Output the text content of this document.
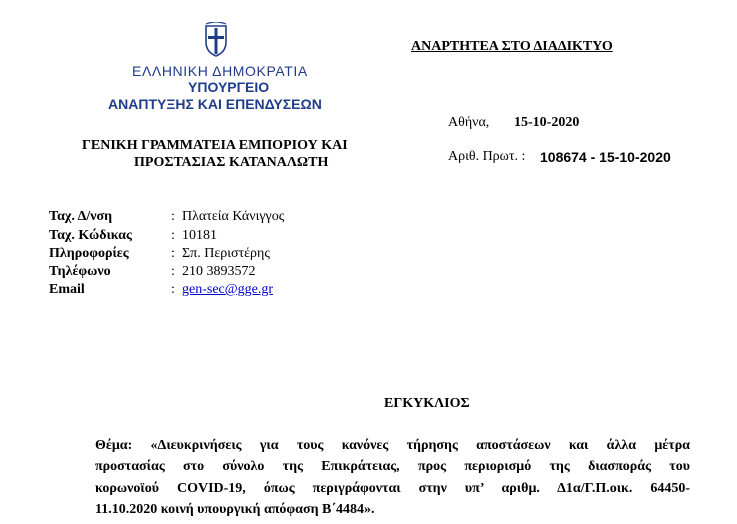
ΕΛΛΗΝΙΚΗ ΔΗΜΟΚΡΑΤΙΑ
ΥΠΟΥΡΓΕΙΟ
ΑΝΑΠΤΥΞΗΣ ΚΑΙ ΕΠΕΝΔΥΣΕΩΝ
ΓΕΝΙΚΗ ΓΡΑΜΜΑΤΕΙΑ ΕΜΠΟΡΙΟΥ ΚΑΙ
ΠΡΟΣΤΑΣΙΑΣ ΚΑΤΑΝΑΛΩΤΗ
ΑΝΑΡΤΗΤΕΑ ΣΤΟ ΔΙΑΔΙΚΤΥΟ
Αθήνα, 15-10-2020
Αριθ. Πρωτ. : 108674 - 15-10-2020
Ταχ. Δ/νση	: Πλατεία Κάνιγγος
Ταχ. Κώδικας	: 10181
Πληροφορίες	: Σπ. Περιστέρης
Τηλέφωνο	: 210 3893572
Email	: gen-sec@gge.gr
ΕΓΚΥΚΛΙΟΣ
Θέμα: «Διευκρινήσεις για τους κανόνες τήρησης αποστάσεων και άλλα μέτρα
προστασίας στο σύνολο της Επικράτειας, προς περιορισμό της διασποράς του
κορωνοϊού COVID-19, όπως περιγράφονται στην υπ’ αριθμ. Δ1α/Γ.Π.οικ. 64450-
11.10.2020 κοινή υπουργική απόφαση Β΄4484».
